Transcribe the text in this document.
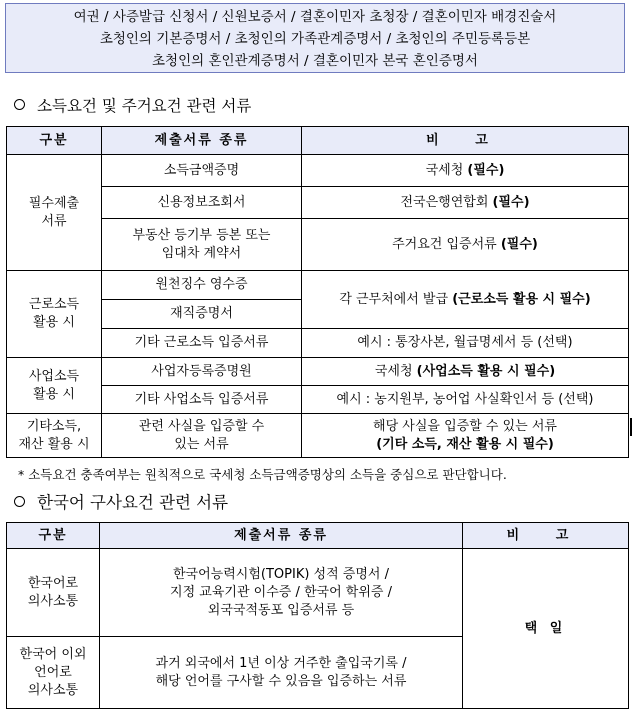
여권 / 사증발급 신청서 / 신원보증서 / 결혼이민자 초청장 / 결혼이민자 배경진술서
초청인의 기본증명서 / 초청인의 가족관계증명서 / 초청인의 주민등록등본
초청인의 혼인관계증명서 / 결혼이민자 본국 혼인증명서
소득요건 및 주거요건 관련 서류
구분	제출서류 종류	비 고
필수제출
서류	소득금액증명	국세청 (필수)
	신용정보조회서	전국은행연합회 (필수)
	부동산 등기부 등본 또는
임대차 계약서	주거요건 입증서류 (필수)
근로소득
활용 시	원천징수 영수증	각 근무처에서 발급 (근로소득 활용 시 필수)
	재직증명서	
	기타 근로소득 입증서류	예시 : 통장사본, 월급명세서 등 (선택)
사업소득
활용 시	사업자등록증명원	국세청 (사업소득 활용 시 필수)
	기타 사업소득 입증서류	예시 : 농지원부, 농어업 사실확인서 등 (선택)
기타소득,
재산 활용 시	관련 사실을 입증할 수
있는 서류	해당 사실을 입증할 수 있는 서류
(기타 소득, 재산 활용 시 필수)
* 소득요건 충족여부는 원칙적으로 국세청 소득금액증명상의 소득을 중심으로 판단합니다.
한국어 구사요건 관련 서류
구분	제출서류 종류	비 고
한국어로
의사소통	한국어능력시험(TOPIK) 성적 증명서 /
지정 교육기관 이수증 / 한국어 학위증 /
외국국적동포 입증서류 등	택 일
한국어 이외
언어로
의사소통	과거 외국에서 1년 이상 거주한 출입국기록 /
해당 언어를 구사할 수 있음을 입증하는 서류	
